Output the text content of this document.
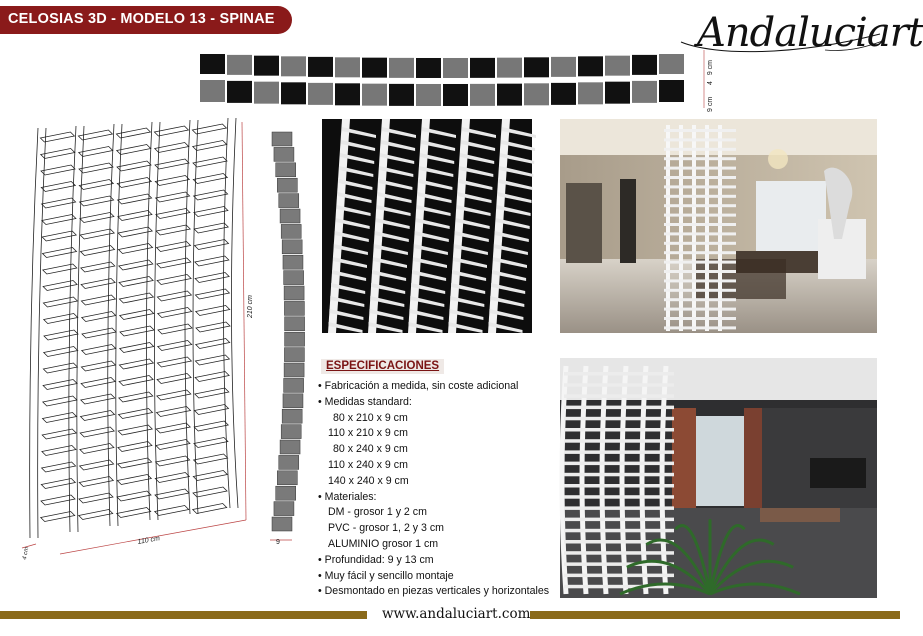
CELOSIAS 3D - MODELO 13 - SPINAE	Andaluciart
9 cm
4
9 cm
210 cm
110 cm
4 cm
9
ESPECIFICACIONES
• Fabricación a medida, sin coste adicional
• Medidas standard:
80 x 210 x 9 cm
110 x 210 x 9 cm
80 x 240 x 9 cm
110 x 240 x 9 cm
140 x 240 x 9 cm
• Materiales:
DM - grosor 1 y 2 cm
PVC - grosor 1, 2 y 3 cm
ALUMINIO grosor 1 cm
• Profundidad: 9 y 13 cm
• Muy fácil y sencillo montaje
• Desmontado en piezas verticales y horizontales
www.andaluciart.com
